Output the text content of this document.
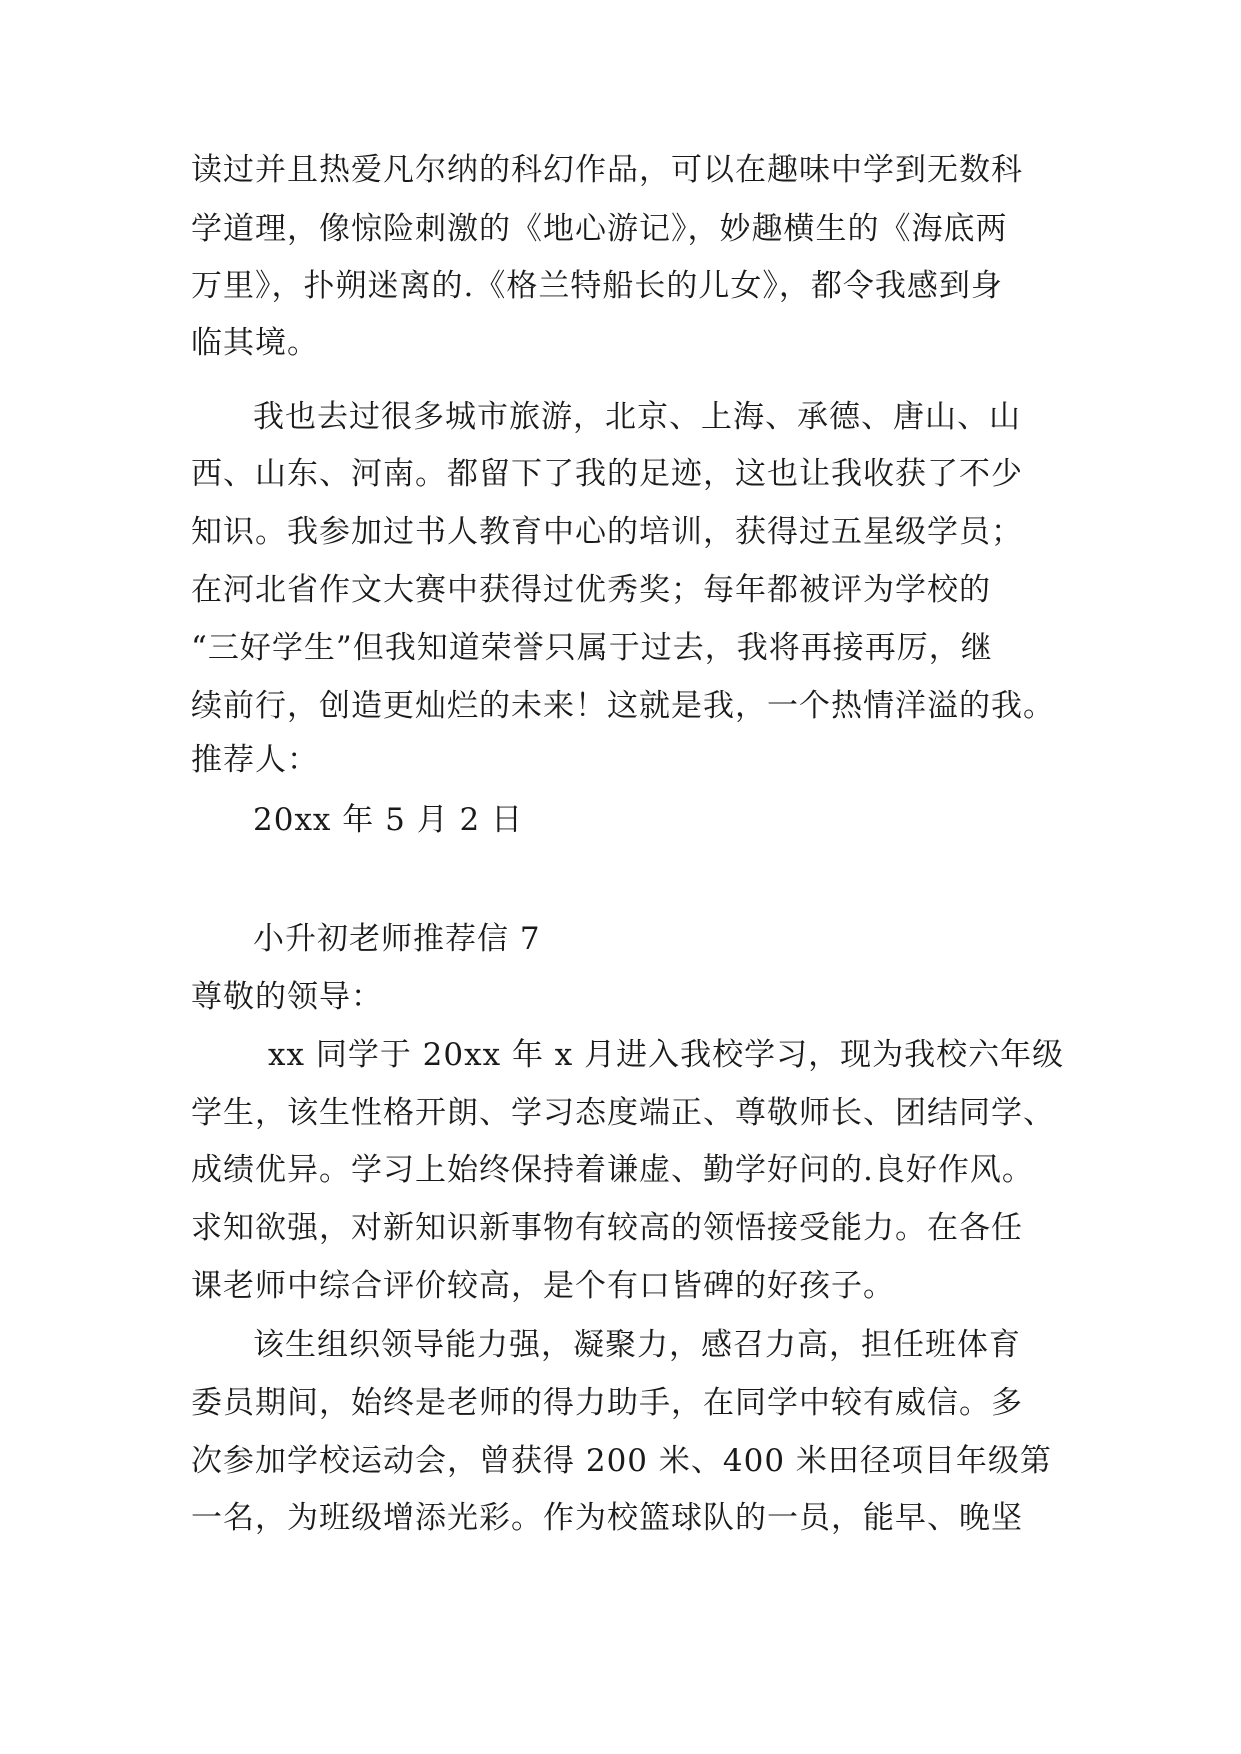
读过并且热爱凡尔纳的科幻作品，可以在趣味中学到无数科
学道理，像惊险刺激的《地心游记》，妙趣横生的《海底两
万里》，扑朔迷离的.《格兰特船长的儿女》，都令我感到身
临其境。
我也去过很多城市旅游，北京、上海、承德、唐山、山
西、山东、河南。都留下了我的足迹，这也让我收获了不少
知识。我参加过书人教育中心的培训，获得过五星级学员；
在河北省作文大赛中获得过优秀奖；每年都被评为学校的
“三好学生”但我知道荣誉只属于过去，我将再接再厉，继
续前行，创造更灿烂的未来！这就是我，一个热情洋溢的我。
推荐人：
20xx 年 5 月 2 日
小升初老师推荐信 7
尊敬的领导：
xx 同学于 20xx 年 x 月进入我校学习，现为我校六年级
学生，该生性格开朗、学习态度端正、尊敬师长、团结同学、
成绩优异。学习上始终保持着谦虚、勤学好问的.良好作风。
求知欲强，对新知识新事物有较高的领悟接受能力。在各任
课老师中综合评价较高，是个有口皆碑的好孩子。
该生组织领导能力强，凝聚力，感召力高，担任班体育
委员期间，始终是老师的得力助手，在同学中较有威信。多
次参加学校运动会，曾获得 200 米、400 米田径项目年级第
一名，为班级增添光彩。作为校篮球队的一员，能早、晚坚
